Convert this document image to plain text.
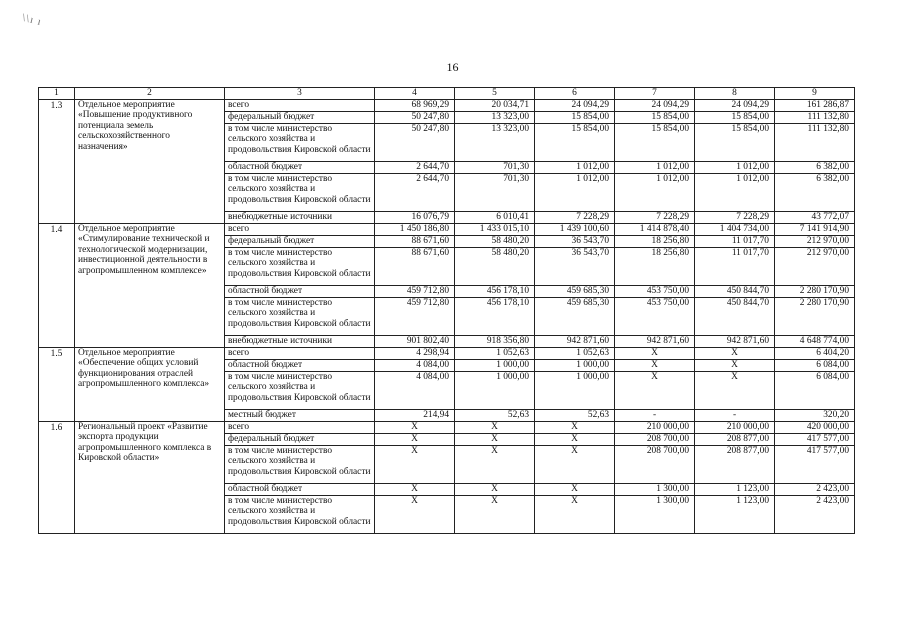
\\ı ı
16
1	2	3	4	5	6	7	8	9
1.3	Отдельное мероприятие «Повышение продуктивного потенциала земель сельскохозяйственного назначения»	всего	68 969,29	20 034,71	24 094,29	24 094,29	24 094,29	161 286,87
		федеральный бюджет	50 247,80	13 323,00	15 854,00	15 854,00	15 854,00	111 132,80
		в том числе министерство сельского хозяйства и продовольствия Кировской области	50 247,80	13 323,00	15 854,00	15 854,00	15 854,00	111 132,80
		областной бюджет	2 644,70	701,30	1 012,00	1 012,00	1 012,00	6 382,00
		в том числе министерство сельского хозяйства и продовольствия Кировской области	2 644,70	701,30	1 012,00	1 012,00	1 012,00	6 382,00
		внебюджетные источники	16 076,79	6 010,41	7 228,29	7 228,29	7 228,29	43 772,07
1.4	Отдельное мероприятие «Стимулирование технической и технологической модернизации, инвестиционной деятельности в агропромышленном комплексе»	всего	1 450 186,80	1 433 015,10	1 439 100,60	1 414 878,40	1 404 734,00	7 141 914,90
		федеральный бюджет	88 671,60	58 480,20	36 543,70	18 256,80	11 017,70	212 970,00
		в том числе министерство сельского хозяйства и продовольствия Кировской области	88 671,60	58 480,20	36 543,70	18 256,80	11 017,70	212 970,00
		областной бюджет	459 712,80	456 178,10	459 685,30	453 750,00	450 844,70	2 280 170,90
		в том числе министерство сельского хозяйства и продовольствия Кировской области	459 712,80	456 178,10	459 685,30	453 750,00	450 844,70	2 280 170,90
		внебюджетные источники	901 802,40	918 356,80	942 871,60	942 871,60	942 871,60	4 648 774,00
1.5	Отдельное мероприятие «Обеспечение общих условий функционирования отраслей агропромышленного комплекса»	всего	4 298,94	1 052,63	1 052,63	X	X	6 404,20
		областной бюджет	4 084,00	1 000,00	1 000,00	X	X	6 084,00
		в том числе министерство сельского хозяйства и продовольствия Кировской области	4 084,00	1 000,00	1 000,00	X	X	6 084,00
		местный бюджет	214,94	52,63	52,63	-	-	320,20
1.6	Региональный проект «Развитие экспорта продукции агропромышленного комплекса в Кировской области»	всего	X	X	X	210 000,00	210 000,00	420 000,00
		федеральный бюджет	X	X	X	208 700,00	208 877,00	417 577,00
		в том числе министерство сельского хозяйства и продовольствия Кировской области	X	X	X	208 700,00	208 877,00	417 577,00
		областной бюджет	X	X	X	1 300,00	1 123,00	2 423,00
		в том числе министерство сельского хозяйства и продовольствия Кировской области	X	X	X	1 300,00	1 123,00	2 423,00
